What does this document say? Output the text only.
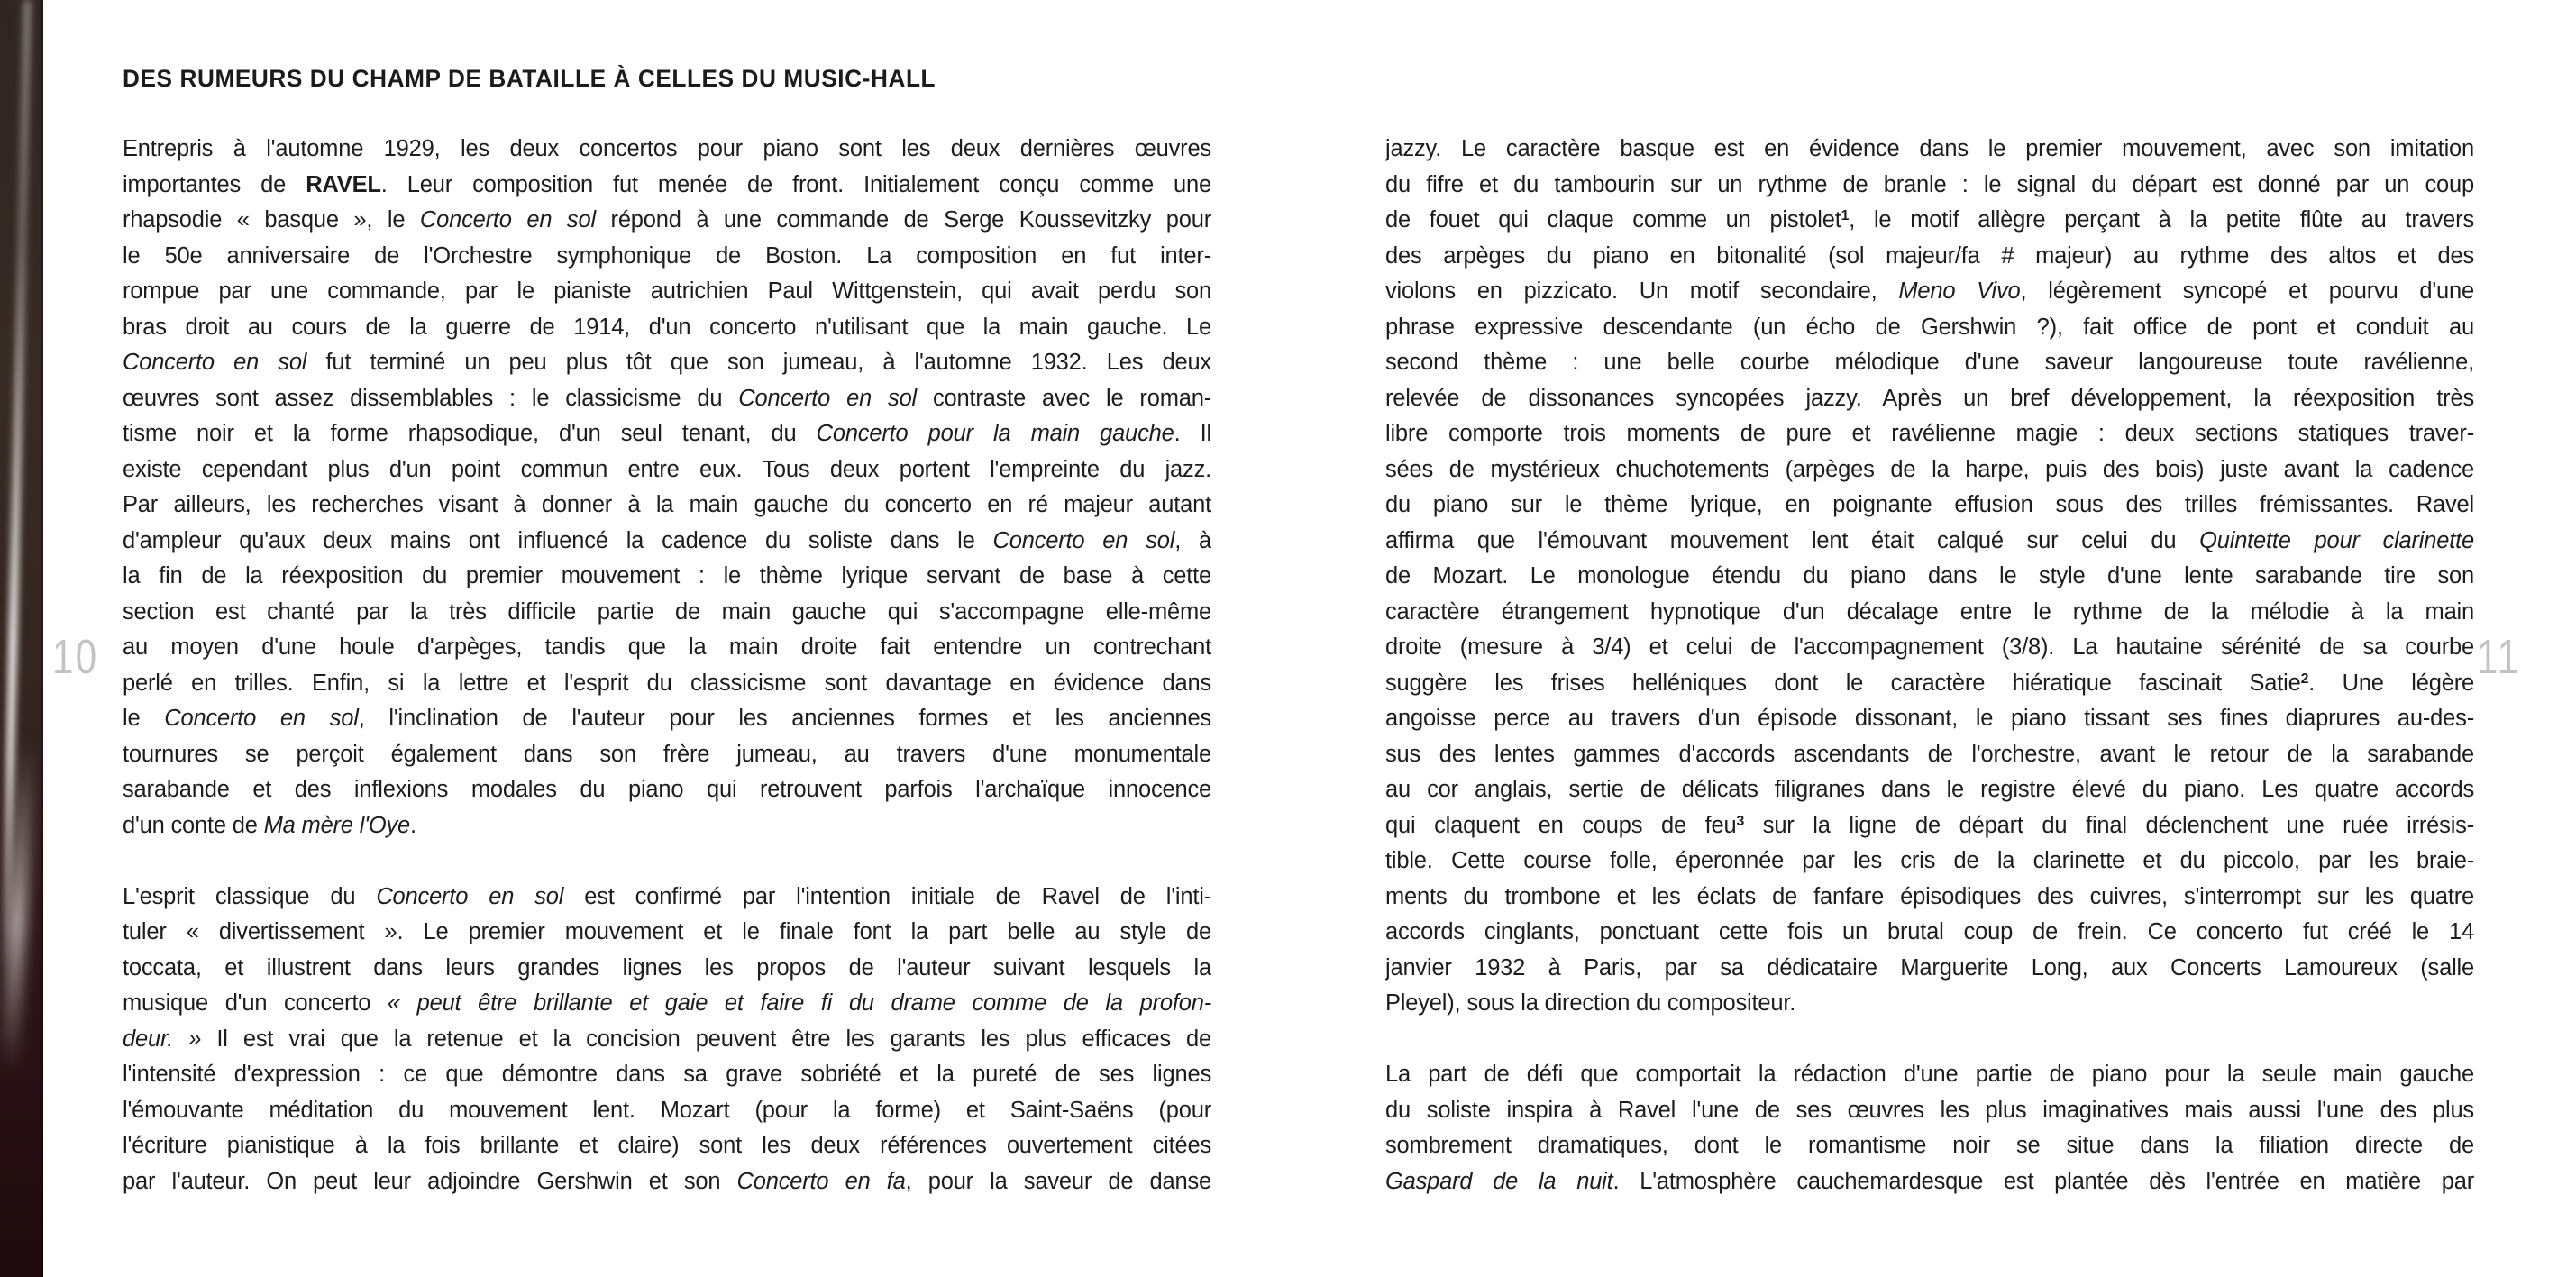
10	11
DES RUMEURS DU CHAMP DE BATAILLE À CELLES DU MUSIC-HALL
Entrepris à l'automne 1929, les deux concertos pour piano sont les deux dernières œuvres
importantes de RAVEL. Leur composition fut menée de front. Initialement conçu comme une
rhapsodie « basque », le Concerto en sol répond à une commande de Serge Koussevitzky pour
le 50e anniversaire de l'Orchestre symphonique de Boston. La composition en fut inter-
rompue par une commande, par le pianiste autrichien Paul Wittgenstein, qui avait perdu son
bras droit au cours de la guerre de 1914, d'un concerto n'utilisant que la main gauche. Le
Concerto en sol fut terminé un peu plus tôt que son jumeau, à l'automne 1932. Les deux
œuvres sont assez dissemblables : le classicisme du Concerto en sol contraste avec le roman-
tisme noir et la forme rhapsodique, d'un seul tenant, du Concerto pour la main gauche. Il
existe cependant plus d'un point commun entre eux. Tous deux portent l'empreinte du jazz.
Par ailleurs, les recherches visant à donner à la main gauche du concerto en ré majeur autant
d'ampleur qu'aux deux mains ont influencé la cadence du soliste dans le Concerto en sol, à
la fin de la réexposition du premier mouvement : le thème lyrique servant de base à cette
section est chanté par la très difficile partie de main gauche qui s'accompagne elle-même
au moyen d'une houle d'arpèges, tandis que la main droite fait entendre un contrechant
perlé en trilles. Enfin, si la lettre et l'esprit du classicisme sont davantage en évidence dans
le Concerto en sol, l'inclination de l'auteur pour les anciennes formes et les anciennes
tournures se perçoit également dans son frère jumeau, au travers d'une monumentale
sarabande et des inflexions modales du piano qui retrouvent parfois l'archaïque innocence
d'un conte de Ma mère l'Oye.
L'esprit classique du Concerto en sol est confirmé par l'intention initiale de Ravel de l'inti-
tuler « divertissement ». Le premier mouvement et le finale font la part belle au style de
toccata, et illustrent dans leurs grandes lignes les propos de l'auteur suivant lesquels la
musique d'un concerto « peut être brillante et gaie et faire fi du drame comme de la profon-
deur. » Il est vrai que la retenue et la concision peuvent être les garants les plus efficaces de
l'intensité d'expression : ce que démontre dans sa grave sobriété et la pureté de ses lignes
l'émouvante méditation du mouvement lent. Mozart (pour la forme) et Saint-Saëns (pour
l'écriture pianistique à la fois brillante et claire) sont les deux références ouvertement citées
par l'auteur. On peut leur adjoindre Gershwin et son Concerto en fa, pour la saveur de danse
jazzy. Le caractère basque est en évidence dans le premier mouvement, avec son imitation
du fifre et du tambourin sur un rythme de branle : le signal du départ est donné par un coup
de fouet qui claque comme un pistolet$^1$, le motif allègre perçant à la petite flûte au travers
des arpèges du piano en bitonalité (sol majeur/fa # majeur) au rythme des altos et des
violons en pizzicato. Un motif secondaire, Meno Vivo, légèrement syncopé et pourvu d'une
phrase expressive descendante (un écho de Gershwin ?), fait office de pont et conduit au
second thème : une belle courbe mélodique d'une saveur langoureuse toute ravélienne,
relevée de dissonances syncopées jazzy. Après un bref développement, la réexposition très
libre comporte trois moments de pure et ravélienne magie : deux sections statiques traver-
sées de mystérieux chuchotements (arpèges de la harpe, puis des bois) juste avant la cadence
du piano sur le thème lyrique, en poignante effusion sous des trilles frémissantes. Ravel
affirma que l'émouvant mouvement lent était calqué sur celui du Quintette pour clarinette
de Mozart. Le monologue étendu du piano dans le style d'une lente sarabande tire son
caractère étrangement hypnotique d'un décalage entre le rythme de la mélodie à la main
droite (mesure à 3/4) et celui de l'accompagnement (3/8). La hautaine sérénité de sa courbe
suggère les frises helléniques dont le caractère hiératique fascinait Satie$^2$. Une légère
angoisse perce au travers d'un épisode dissonant, le piano tissant ses fines diaprures au-des-
sus des lentes gammes d'accords ascendants de l'orchestre, avant le retour de la sarabande
au cor anglais, sertie de délicats filigranes dans le registre élevé du piano. Les quatre accords
qui claquent en coups de feu$^3$ sur la ligne de départ du final déclenchent une ruée irrésis-
tible. Cette course folle, éperonnée par les cris de la clarinette et du piccolo, par les braie-
ments du trombone et les éclats de fanfare épisodiques des cuivres, s'interrompt sur les quatre
accords cinglants, ponctuant cette fois un brutal coup de frein. Ce concerto fut créé le 14
janvier 1932 à Paris, par sa dédicataire Marguerite Long, aux Concerts Lamoureux (salle
Pleyel), sous la direction du compositeur.
La part de défi que comportait la rédaction d'une partie de piano pour la seule main gauche
du soliste inspira à Ravel l'une de ses œuvres les plus imaginatives mais aussi l'une des plus
sombrement dramatiques, dont le romantisme noir se situe dans la filiation directe de
Gaspard de la nuit. L'atmosphère cauchemardesque est plantée dès l'entrée en matière par
